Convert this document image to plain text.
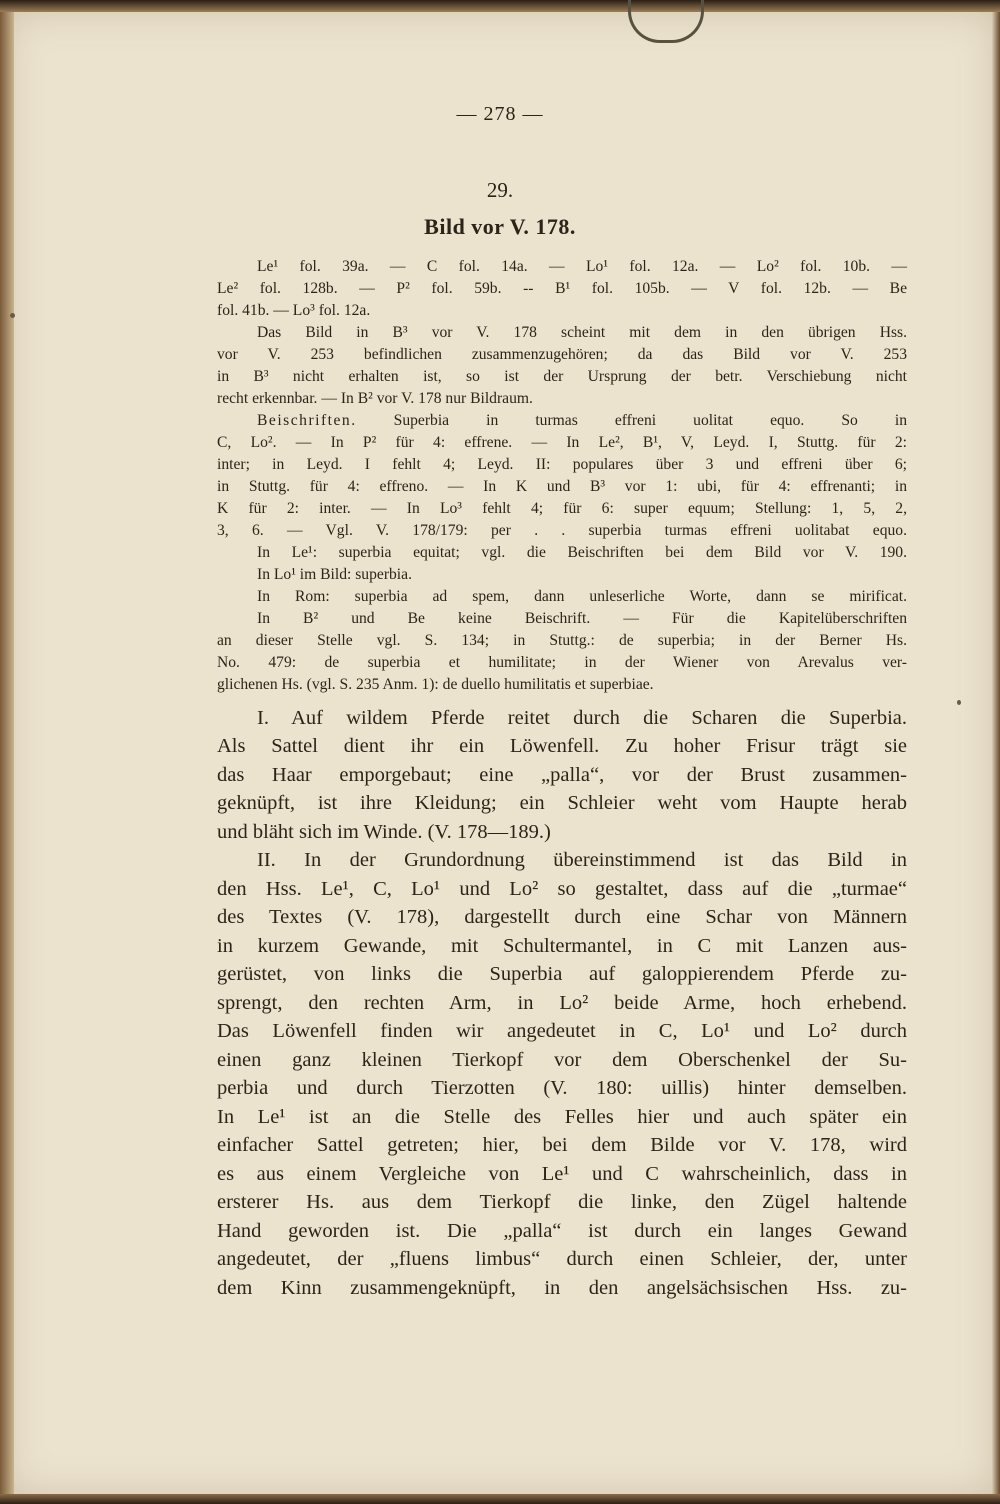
— 278 —
29.
Bild vor V. 178.
Le¹ fol. 39a. — C fol. 14a. — Lo¹ fol. 12a. — Lo² fol. 10b. —
Le² fol. 128b. — P² fol. 59b. -- B¹ fol. 105b. — V fol. 12b. — Be
fol. 41b. — Lo³ fol. 12a.
Das Bild in B³ vor V. 178 scheint mit dem in den übrigen Hss.
vor V. 253 befindlichen zusammenzugehören; da das Bild vor V. 253
in B³ nicht erhalten ist, so ist der Ursprung der betr. Verschiebung nicht
recht erkennbar. — In B² vor V. 178 nur Bildraum.
Beischriften. Superbia in turmas effreni uolitat equo. So in
C, Lo². — In P² für 4: effrene. — In Le², B¹, V, Leyd. I, Stuttg. für 2:
inter; in Leyd. I fehlt 4; Leyd. II: populares über 3 und effreni über 6;
in Stuttg. für 4: effreno. — In K und B³ vor 1: ubi, für 4: effrenanti; in
K für 2: inter. — In Lo³ fehlt 4; für 6: super equum; Stellung: 1, 5, 2,
3, 6. — Vgl. V. 178/179: per . . superbia turmas effreni uolitabat equo.
In Le¹: superbia equitat; vgl. die Beischriften bei dem Bild vor V. 190.
In Lo¹ im Bild: superbia.
In Rom: superbia ad spem, dann unleserliche Worte, dann se mirificat.
In B² und Be keine Beischrift. — Für die Kapitelüberschriften
an dieser Stelle vgl. S. 134; in Stuttg.: de superbia; in der Berner Hs.
No. 479: de superbia et humilitate; in der Wiener von Arevalus ver-
glichenen Hs. (vgl. S. 235 Anm. 1): de duello humilitatis et superbiae.
I. Auf wildem Pferde reitet durch die Scharen die Superbia.
Als Sattel dient ihr ein Löwenfell. Zu hoher Frisur trägt sie
das Haar emporgebaut; eine „palla“, vor der Brust zusammen-
geknüpft, ist ihre Kleidung; ein Schleier weht vom Haupte herab
und bläht sich im Winde. (V. 178—189.)
II. In der Grundordnung übereinstimmend ist das Bild in
den Hss. Le¹, C, Lo¹ und Lo² so gestaltet, dass auf die „turmae“
des Textes (V. 178), dargestellt durch eine Schar von Männern
in kurzem Gewande, mit Schultermantel, in C mit Lanzen aus-
gerüstet, von links die Superbia auf galoppierendem Pferde zu-
sprengt, den rechten Arm, in Lo² beide Arme, hoch erhebend.
Das Löwenfell finden wir angedeutet in C, Lo¹ und Lo² durch
einen ganz kleinen Tierkopf vor dem Oberschenkel der Su-
perbia und durch Tierzotten (V. 180: uillis) hinter demselben.
In Le¹ ist an die Stelle des Felles hier und auch später ein
einfacher Sattel getreten; hier, bei dem Bilde vor V. 178, wird
es aus einem Vergleiche von Le¹ und C wahrscheinlich, dass in
ersterer Hs. aus dem Tierkopf die linke, den Zügel haltende
Hand geworden ist. Die „palla“ ist durch ein langes Gewand
angedeutet, der „fluens limbus“ durch einen Schleier, der, unter
dem Kinn zusammengeknüpft, in den angelsächsischen Hss. zu-
